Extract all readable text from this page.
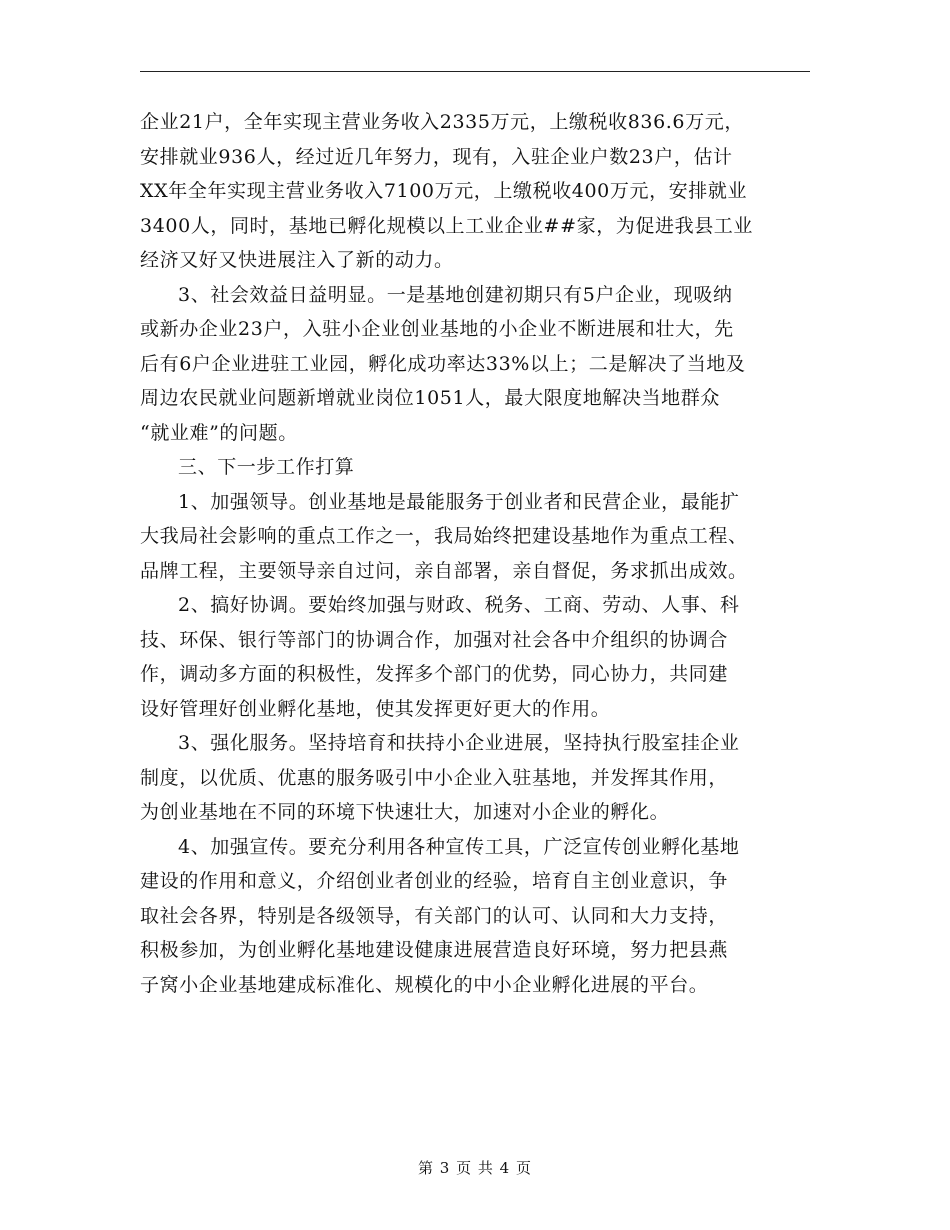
企业21户，全年实现主营业务收入2335万元，上缴税收836.6万元，
安排就业936人，经过近几年努力，现有，入驻企业户数23户，估计
XX年全年实现主营业务收入7100万元，上缴税收400万元，安排就业
3400人，同时，基地已孵化规模以上工业企业##家，为促进我县工业
经济又好又快进展注入了新的动力。
3、社会效益日益明显。一是基地创建初期只有5户企业，现吸纳
或新办企业23户，入驻小企业创业基地的小企业不断进展和壮大，先
后有6户企业进驻工业园，孵化成功率达33%以上；二是解决了当地及
周边农民就业问题新增就业岗位1051人，最大限度地解决当地群众
“就业难”的问题。
三、下一步工作打算
1、加强领导。创业基地是最能服务于创业者和民营企业，最能扩
大我局社会影响的重点工作之一，我局始终把建设基地作为重点工程、
品牌工程，主要领导亲自过问，亲自部署，亲自督促，务求抓出成效。
2、搞好协调。要始终加强与财政、税务、工商、劳动、人事、科
技、环保、银行等部门的协调合作，加强对社会各中介组织的协调合
作，调动多方面的积极性，发挥多个部门的优势，同心协力，共同建
设好管理好创业孵化基地，使其发挥更好更大的作用。
3、强化服务。坚持培育和扶持小企业进展，坚持执行股室挂企业
制度，以优质、优惠的服务吸引中小企业入驻基地，并发挥其作用，
为创业基地在不同的环境下快速壮大，加速对小企业的孵化。
4、加强宣传。要充分利用各种宣传工具，广泛宣传创业孵化基地
建设的作用和意义，介绍创业者创业的经验，培育自主创业意识，争
取社会各界，特别是各级领导，有关部门的认可、认同和大力支持，
积极参加，为创业孵化基地建设健康进展营造良好环境，努力把县燕
子窝小企业基地建成标准化、规模化的中小企业孵化进展的平台。
第 3 页 共 4 页
